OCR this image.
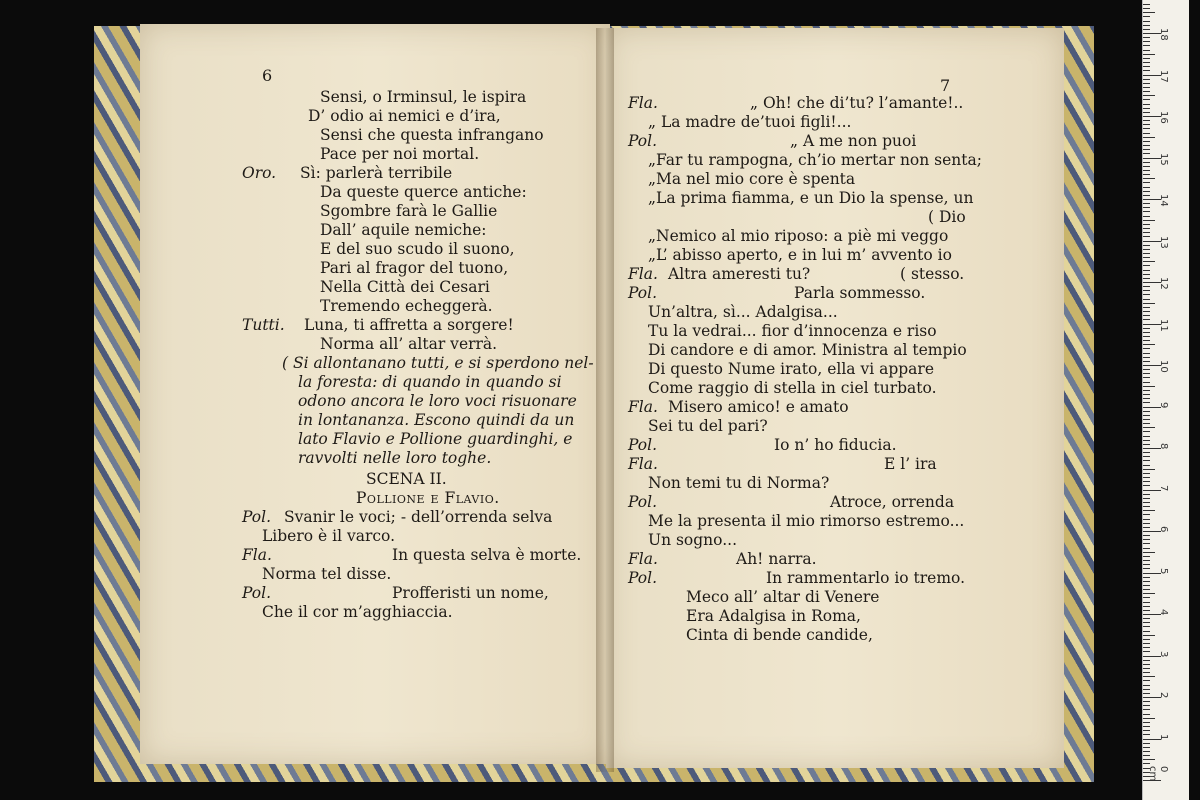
Sensi, o Irminsul, le ispira
D’ odio ai nemici e d’ira,
Sensi che questa infrangano
Pace per noi mortal.
Oro. Sì: parlerà terribile
Da queste querce antiche:
Sgombre farà le Gallie
Dall’ aquile nemiche:
E del suo scudo il suono,
Pari al fragor del tuono,
Nella Città dei Cesari
Tremendo echeggerà.
Tutti. Luna, ti affretta a sorgere!
Norma all’ altar verrà.
( Si allontanano tutti, e si sperdono nel-
la foresta: di quando in quando si
odono ancora le loro voci risuonare
in lontananza. Escono quindi da un
lato Flavio e Pollione guardinghi, e
ravvolti nelle loro toghe.
SCENA II.
Pollione e Flavio.
Pol. Svanir le voci; - dell’orrenda selva
Libero è il varco.
Fla.	In questa selva è morte.
Norma tel disse.
Pol.	Profferisti un nome,
Che il cor m’agghiaccia.
Fla.	„ Oh! che di’tu? l’amante!..
„ La madre de’tuoi figli!...
Pol.	„ A me non puoi
„Far tu rampogna, ch’io mertar non senta;
„Ma nel mio core è spenta
„La prima fiamma, e un Dio la spense, un
( Dio
„Nemico al mio riposo: a piè mi veggo
„L’ abisso aperto, e in lui m’ avvento io
Fla. Altra ameresti tu?	( stesso.
Pol.	Parla sommesso.
Un’altra, sì... Adalgisa...
Tu la vedrai... fior d’innocenza e riso
Di candore e di amor. Ministra al tempio
Di questo Nume irato, ella vi appare
Come raggio di stella in ciel turbato.
Fla. Misero amico! e amato
Sei tu del pari?
Pol.	Io n’ ho fiducia.
Fla.	E l’ ira
Non temi tu di Norma?
Pol.	Atroce, orrenda
Me la presenta il mio rimorso estremo...
Un sogno...
Fla.	Ah! narra.
Pol.	In rammentarlo io tremo.
Meco all’ altar di Venere
Era Adalgisa in Roma,
Cinta di bende candide,
6
7
0 cm
1
2
3
4
5
6
7
8
9
10
11
12
13
14
15
16
17
18
